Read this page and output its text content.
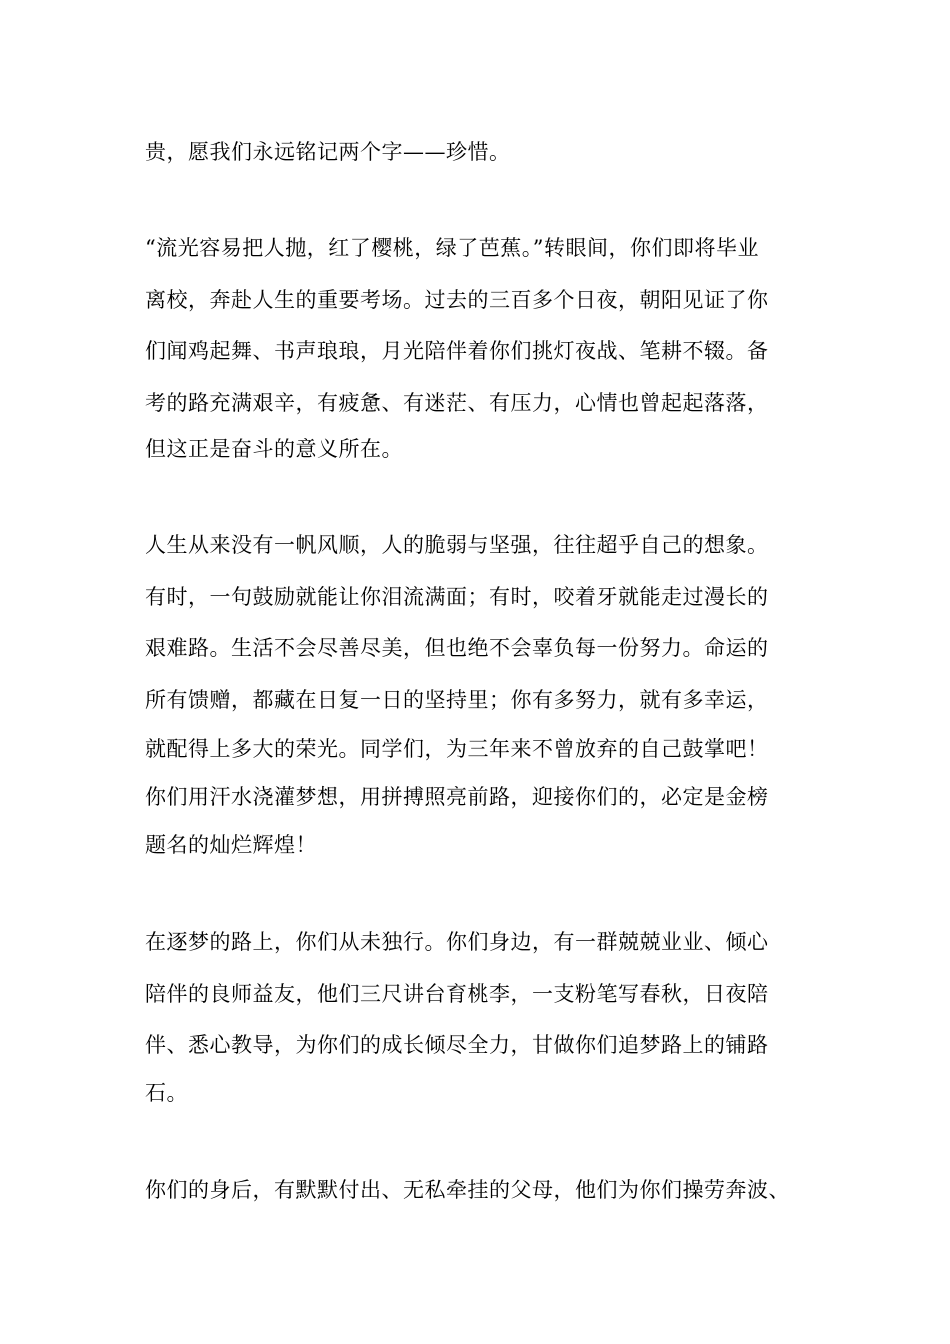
贵，愿我们永远铭记两个字——珍惜。

“流光容易把人抛，红了樱桃，绿了芭蕉。”转眼间，你们即将毕业

离校，奔赴人生的重要考场。过去的三百多个日夜，朝阳见证了你

们闻鸡起舞、书声琅琅，月光陪伴着你们挑灯夜战、笔耕不辍。备

考的路充满艰辛，有疲惫、有迷茫、有压力，心情也曾起起落落，

但这正是奋斗的意义所在。

人生从来没有一帆风顺，人的脆弱与坚强，往往超乎自己的想象。

有时，一句鼓励就能让你泪流满面；有时，咬着牙就能走过漫长的

艰难路。生活不会尽善尽美，但也绝不会辜负每一份努力。命运的

所有馈赠，都藏在日复一日的坚持里；你有多努力，就有多幸运，

就配得上多大的荣光。同学们，为三年来不曾放弃的自己鼓掌吧！

你们用汗水浇灌梦想，用拼搏照亮前路，迎接你们的，必定是金榜

题名的灿烂辉煌！

在逐梦的路上，你们从未独行。你们身边，有一群兢兢业业、倾心

陪伴的良师益友，他们三尺讲台育桃李，一支粉笔写春秋，日夜陪

伴、悉心教导，为你们的成长倾尽全力，甘做你们追梦路上的铺路

石。

你们的身后，有默默付出、无私牵挂的父母，他们为你们操劳奔波、
